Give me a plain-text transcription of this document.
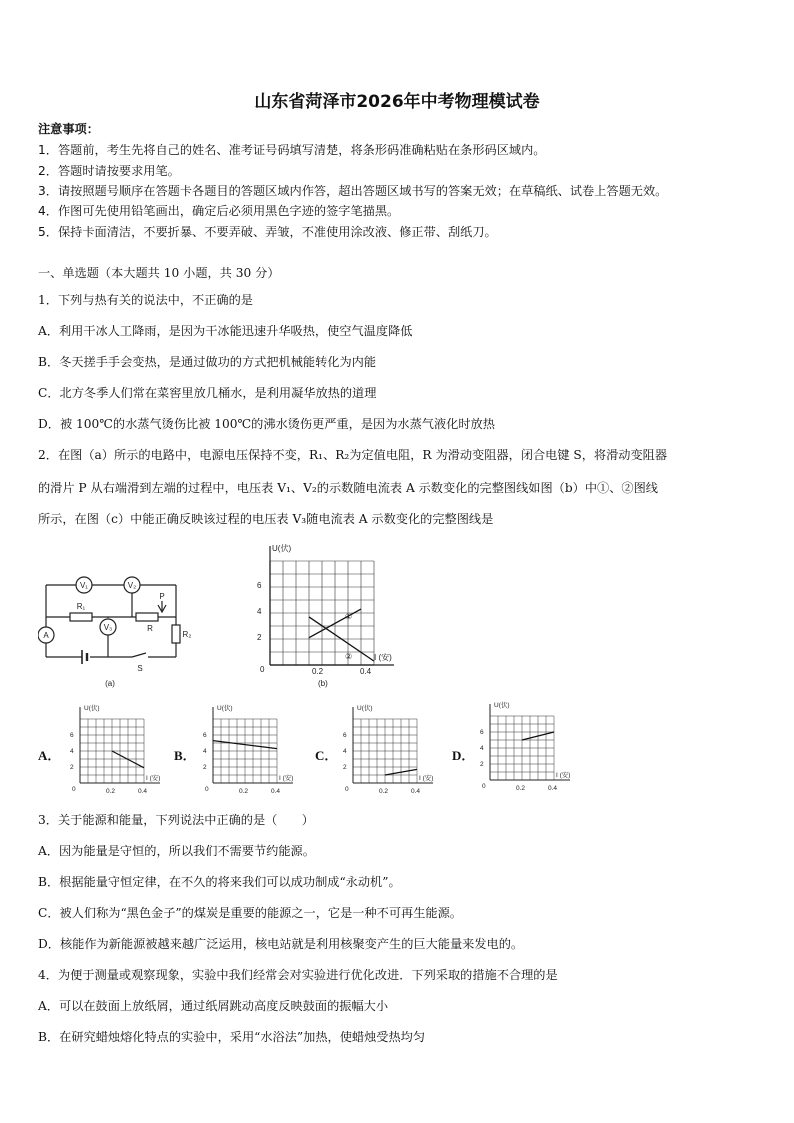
山东省菏泽市2026年中考物理模试卷
注意事项：
1．答题前，考生先将自己的姓名、准考证号码填写清楚，将条形码准确粘贴在条形码区域内。
2．答题时请按要求用笔。
3．请按照题号顺序在答题卡各题目的答题区域内作答，超出答题区域书写的答案无效；在草稿纸、试卷上答题无效。
4．作图可先使用铅笔画出，确定后必须用黑色字迹的签字笔描黑。
5．保持卡面清洁，不要折暴、不要弄破、弄皱，不准使用涂改液、修正带、刮纸刀。
一、单选题（本大题共 10 小题，共 30 分）
1．下列与热有关的说法中，不正确的是
A．利用干冰人工降雨，是因为干冰能迅速升华吸热，使空气温度降低
B．冬天搓手手会变热，是通过做功的方式把机械能转化为内能
C．北方冬季人们常在菜窖里放几桶水，是利用凝华放热的道理
D．被 100℃的水蒸气烫伤比被 100℃的沸水烫伤更严重，是因为水蒸气液化时放热
2．在图（a）所示的电路中，电源电压保持不变，R₁、R₂为定值电阻，R 为滑动变阻器，闭合电键 S，将滑动变阻器
的滑片 P 从右端滑到左端的过程中，电压表 V₁、V₂的示数随电流表 A 示数变化的完整图线如图（b）中①、②图线
所示，在图（c）中能正确反映该过程的电压表 V₃随电流表 A 示数变化的完整图线是
V₁	V₂
A
V₃
R₁
R
R₂
P
S
(a)
U(伏)
6
4
2
0	0.2	0.4
I (安)
①
②
(b)
A．	B．	C．	D．
U(伏)
6
4
2
0	0.2	0.4
I (安)
U(伏)
6
4
2
0	0.2	0.4
I (安)
U(伏)
6
4
2
0	0.2	0.4
I (安)
U(伏)
6
4
2
0	0.2	0.4
I (安)
3．关于能源和能量，下列说法中正确的是（　　）
A．因为能量是守恒的，所以我们不需要节约能源。
B．根据能量守恒定律，在不久的将来我们可以成功制成“永动机”。
C．被人们称为“黑色金子”的煤炭是重要的能源之一，它是一种不可再生能源。
D．核能作为新能源被越来越广泛运用，核电站就是利用核聚变产生的巨大能量来发电的。
4．为便于测量或观察现象，实验中我们经常会对实验进行优化改进．下列采取的措施不合理的是
A．可以在鼓面上放纸屑，通过纸屑跳动高度反映鼓面的振幅大小
B．在研究蜡烛熔化特点的实验中，采用“水浴法”加热，使蜡烛受热均匀
